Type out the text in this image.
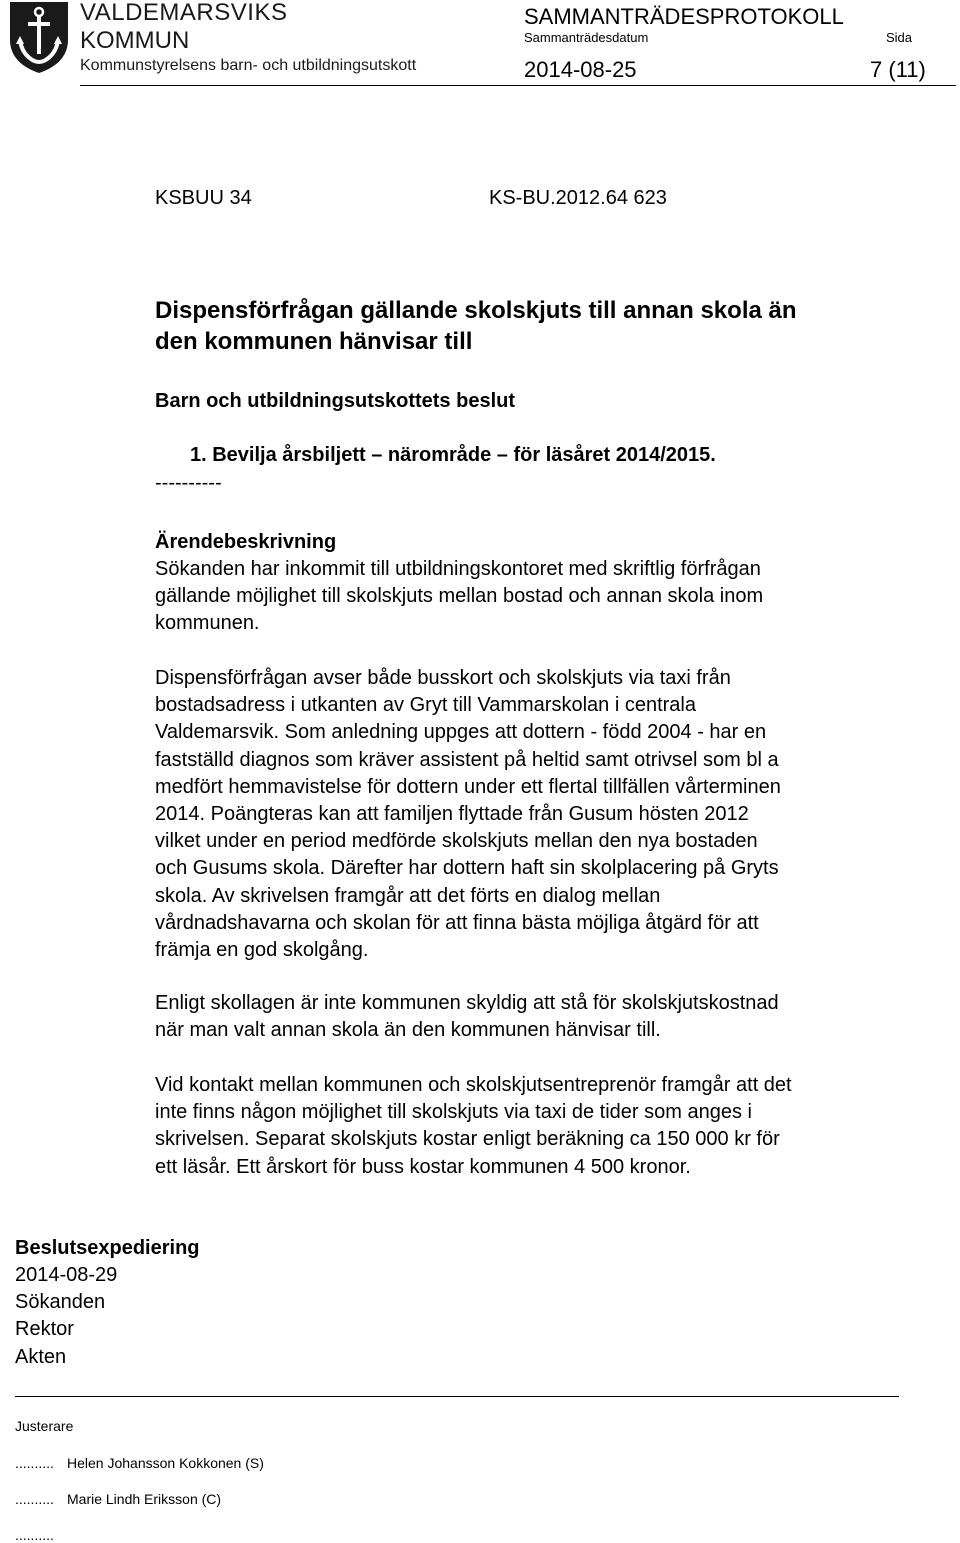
VALDEMARSVIKS
KOMMUN
Kommunstyrelsens barn- och utbildningsutskott
SAMMANTRÄDESPROTOKOLL
Sammanträdesdatum	Sida
2014-08-25	7 (11)
KSBUU 34	KS-BU.2012.64 623
Dispensförfrågan gällande skolskjuts till annan skola än
den kommunen hänvisar till
Barn och utbildningsutskottets beslut
1. Bevilja årsbiljett – närområde – för läsåret 2014/2015.
----------
Ärendebeskrivning
Sökanden har inkommit till utbildningskontoret med skriftlig förfrågan
gällande möjlighet till skolskjuts mellan bostad och annan skola inom
kommunen.
Dispensförfrågan avser både busskort och skolskjuts via taxi från
bostadsadress i utkanten av Gryt till Vammarskolan i centrala
Valdemarsvik. Som anledning uppges att dottern - född 2004 - har en
fastställd diagnos som kräver assistent på heltid samt otrivsel som bl a
medfört hemmavistelse för dottern under ett flertal tillfällen vårterminen
2014. Poängteras kan att familjen flyttade från Gusum hösten 2012
vilket under en period medförde skolskjuts mellan den nya bostaden
och Gusums skola. Därefter har dottern haft sin skolplacering på Gryts
skola. Av skrivelsen framgår att det förts en dialog mellan
vårdnadshavarna och skolan för att finna bästa möjliga åtgärd för att
främja en god skolgång.
Enligt skollagen är inte kommunen skyldig att stå för skolskjutskostnad
när man valt annan skola än den kommunen hänvisar till.
Vid kontakt mellan kommunen och skolskjutsentreprenör framgår att det
inte finns någon möjlighet till skolskjuts via taxi de tider som anges i
skrivelsen. Separat skolskjuts kostar enligt beräkning ca 150 000 kr för
ett läsår. Ett årskort för buss kostar kommunen 4 500 kronor.
Beslutsexpediering
2014-08-29
Sökanden
Rektor
Akten
Justerare
.......... Helen Johansson Kokkonen (S)
.......... Marie Lindh Eriksson (C)
..........
